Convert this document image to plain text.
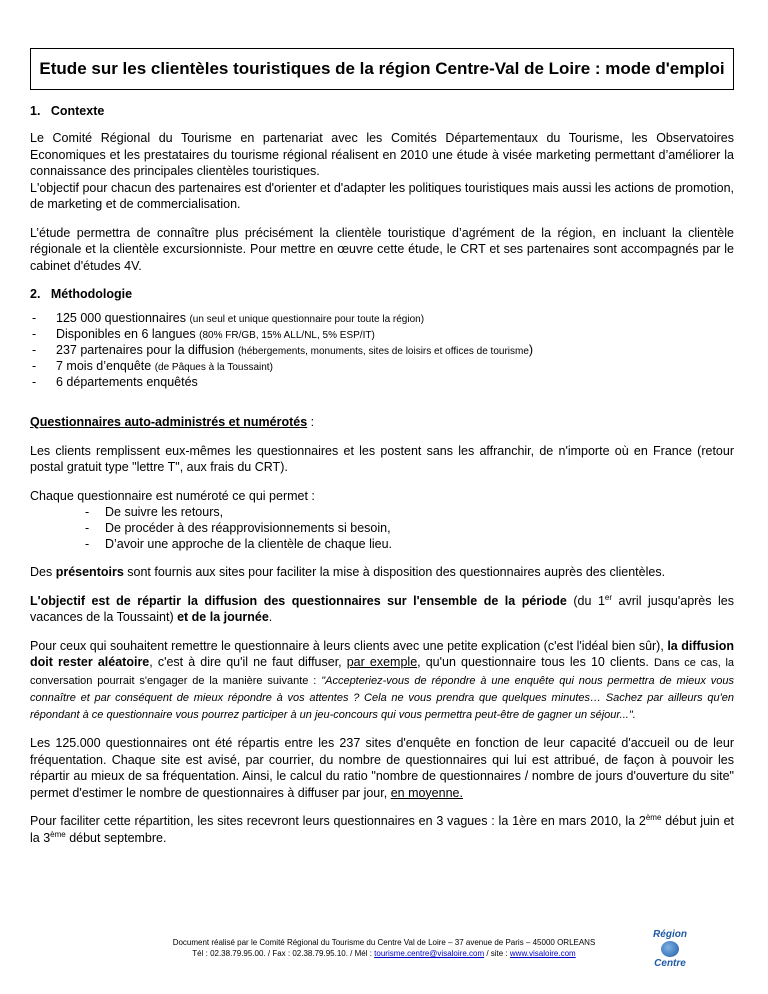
Etude sur les clientèles touristiques de la région Centre-Val de Loire : mode d'emploi
1.   Contexte

Le Comité Régional du Tourisme en partenariat avec les Comités Départementaux du Tourisme, les Observatoires Economiques et les prestataires du tourisme régional réalisent en 2010 une étude à visée marketing permettant d’améliorer la connaissance des principales clientèles touristiques.

L'objectif pour chacun des partenaires est d'orienter et d'adapter les politiques touristiques mais aussi les actions de promotion, de marketing et de commercialisation.

L’étude permettra de connaître plus précisément la clientèle touristique d’agrément de la région, en incluant la clientèle régionale et la clientèle excursionniste. Pour mettre en œuvre cette étude, le CRT et ses partenaires sont accompagnés par le cabinet d'études 4V.

2.   Méthodologie
- 125 000 questionnaires (un seul et unique questionnaire pour toute la région)
- Disponibles en 6 langues (80% FR/GB, 15% ALL/NL, 5% ESP/IT)
- 237 partenaires pour la diffusion (hébergements, monuments, sites de loisirs et offices de tourisme)
- 7 mois d’enquête (de Pâques à la Toussaint)
- 6 départements enquêtés

Questionnaires auto-administrés et numérotés :

Les clients remplissent eux-mêmes les questionnaires et les postent sans les affranchir, de n'importe où en France (retour postal gratuit type "lettre T", aux frais du CRT).

Chaque questionnaire est numéroté ce qui permet :

- De suivre les retours,
- De procéder à des réapprovisionnements si besoin,
- D’avoir une approche de la clientèle de chaque lieu.

Des présentoirs sont fournis aux sites pour faciliter la mise à disposition des questionnaires auprès des clientèles.

L'objectif est de répartir la diffusion des questionnaires sur l'ensemble de la période (du 1er avril jusqu'après les vacances de la Toussaint) et de la journée.

Pour ceux qui souhaitent remettre le questionnaire à leurs clients avec une petite explication (c'est l'idéal bien sûr), la diffusion doit rester aléatoire, c'est à dire qu'il ne faut diffuser, par exemple, qu'un questionnaire tous les 10 clients. Dans ce cas, la conversation pourrait s'engager de la manière suivante : "Accepteriez-vous de répondre à une enquête qui nous permettra de mieux vous connaître et par conséquent de mieux répondre à vos attentes ? Cela ne vous prendra que quelques minutes… Sachez par ailleurs qu'en répondant à ce questionnaire vous pourrez participer à un jeu-concours qui vous permettra peut-être de gagner un séjour...".

Les 125.000 questionnaires ont été répartis entre les 237 sites d'enquête en fonction de leur capacité d'accueil ou de leur fréquentation. Chaque site est avisé, par courrier, du nombre de questionnaires qui lui est attribué, de façon à pouvoir les répartir au mieux de sa fréquentation. Ainsi, le calcul du ratio "nombre de questionnaires / nombre de jours d'ouverture du site" permet d'estimer le nombre de questionnaires à diffuser par jour, en moyenne.

Pour faciliter cette répartition, les sites recevront leurs questionnaires en 3 vagues : la 1ère en mars 2010, la 2ème début juin et la 3ème début septembre.

Document réalisé par le Comité Régional du Tourisme du Centre Val de Loire – 37 avenue de Paris – 45000 ORLEANS
Tél : 02.38.79.95.00. / Fax : 02.38.79.95.10. / Mél : tourisme.centre@visaloire.com / site : www.visaloire.com
Région
Centre
